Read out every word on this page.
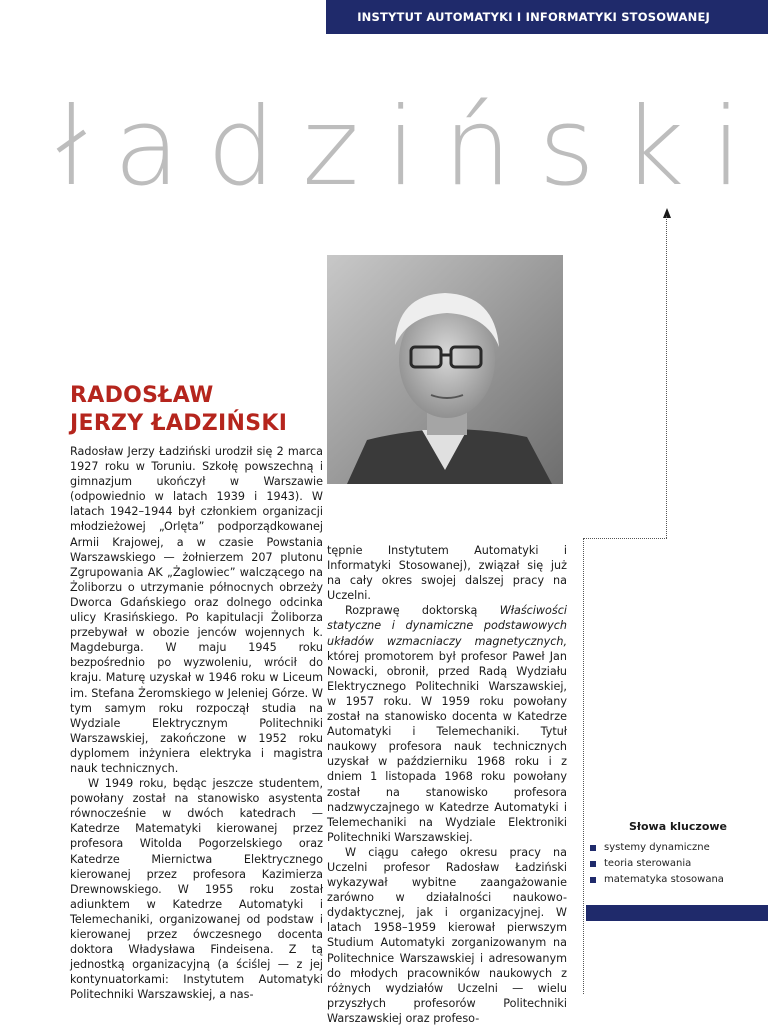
INSTYTUT AUTOMATYKI I INFORMATYKI STOSOWANEJ
ładziński
RADOSŁAW
JERZY ŁADZIŃSKI

Radosław Jerzy Ładziński urodził się 2 marca 1927 roku w Toruniu. Szkołę powszechną i gimnazjum ukończył w Warszawie (odpowiednio w latach 1939 i 1943). W latach 1942–1944 był członkiem organizacji młodzieżowej „Orlęta” podporządkowanej Armii Krajowej, a w czasie Powstania Warszawskiego — żołnierzem 207 plutonu Zgrupowania AK „Żaglowiec” walczącego na Żoliborzu o utrzymanie północnych obrzeży Dworca Gdańskiego oraz dolnego odcinka ulicy Krasińskiego. Po kapitulacji Żoliborza przebywał w obozie jenców wojennych k. Magdeburga. W maju 1945 roku bezpośrednio po wyzwoleniu, wrócił do kraju. Maturę uzyskał w 1946 roku w Liceum im. Stefana Żeromskiego w Jeleniej Górze. W tym samym roku rozpoczął studia na Wydziale Elektrycznym Politechniki Warszawskiej, zakończone w 1952 roku dyplomem inżyniera elektryka i magistra nauk technicznych.

W 1949 roku, będąc jeszcze studentem, powołany został na stanowisko asystenta równocześnie w dwóch katedrach — Katedrze Matematyki kierowanej przez profesora Witolda Pogorzelskiego oraz Katedrze Miernictwa Elektrycznego kierowanej przez profesora Kazimierza Drewnowskiego. W 1955 roku został adiunktem w Katedrze Automatyki i Telemechaniki, organizowanej od podstaw i kierowanej przez ówczesnego docenta doktora Władysława Findeisena. Z tą jednostką organizacyjną (a ściślej — z jej kontynuatorkami: Instytutem Automatyki Politechniki Warszawskiej, a nas-

tępnie Instytutem Automatyki i Informatyki Stosowanej), związał się już na cały okres swojej dalszej pracy na Uczelni.

Rozprawę doktorską Właściwości statyczne i dynamiczne podstawowych układów wzmacniaczy magnetycznych, której promotorem był profesor Paweł Jan Nowacki, obronił, przed Radą Wydziału Elektrycznego Politechniki Warszawskiej, w 1957 roku. W 1959 roku powołany został na stanowisko docenta w Katedrze Automatyki i Telemechaniki. Tytuł naukowy profesora nauk technicznych uzyskał w październiku 1968 roku i z dniem 1 listopada 1968 roku powołany został na stanowisko profesora nadzwyczajnego w Katedrze Automatyki i Telemechaniki na Wydziale Elektroniki Politechniki Warszawskiej.

W ciągu całego okresu pracy na Uczelni profesor Radosław Ładziński wykazywał wybitne zaangażowanie zarówno w działalności naukowo-dydaktycznej, jak i organizacyjnej. W latach 1958–1959 kierował pierwszym Studium Automatyki zorganizowanym na Politechnice Warszawskiej i adresowanym do młodych pracowników naukowych z różnych wydziałów Uczelni — wielu przyszłych profesorów Politechniki Warszawskiej oraz profeso-

Słowa kluczowe
systemy dynamiczne
teoria sterowania
matematyka stosowana
